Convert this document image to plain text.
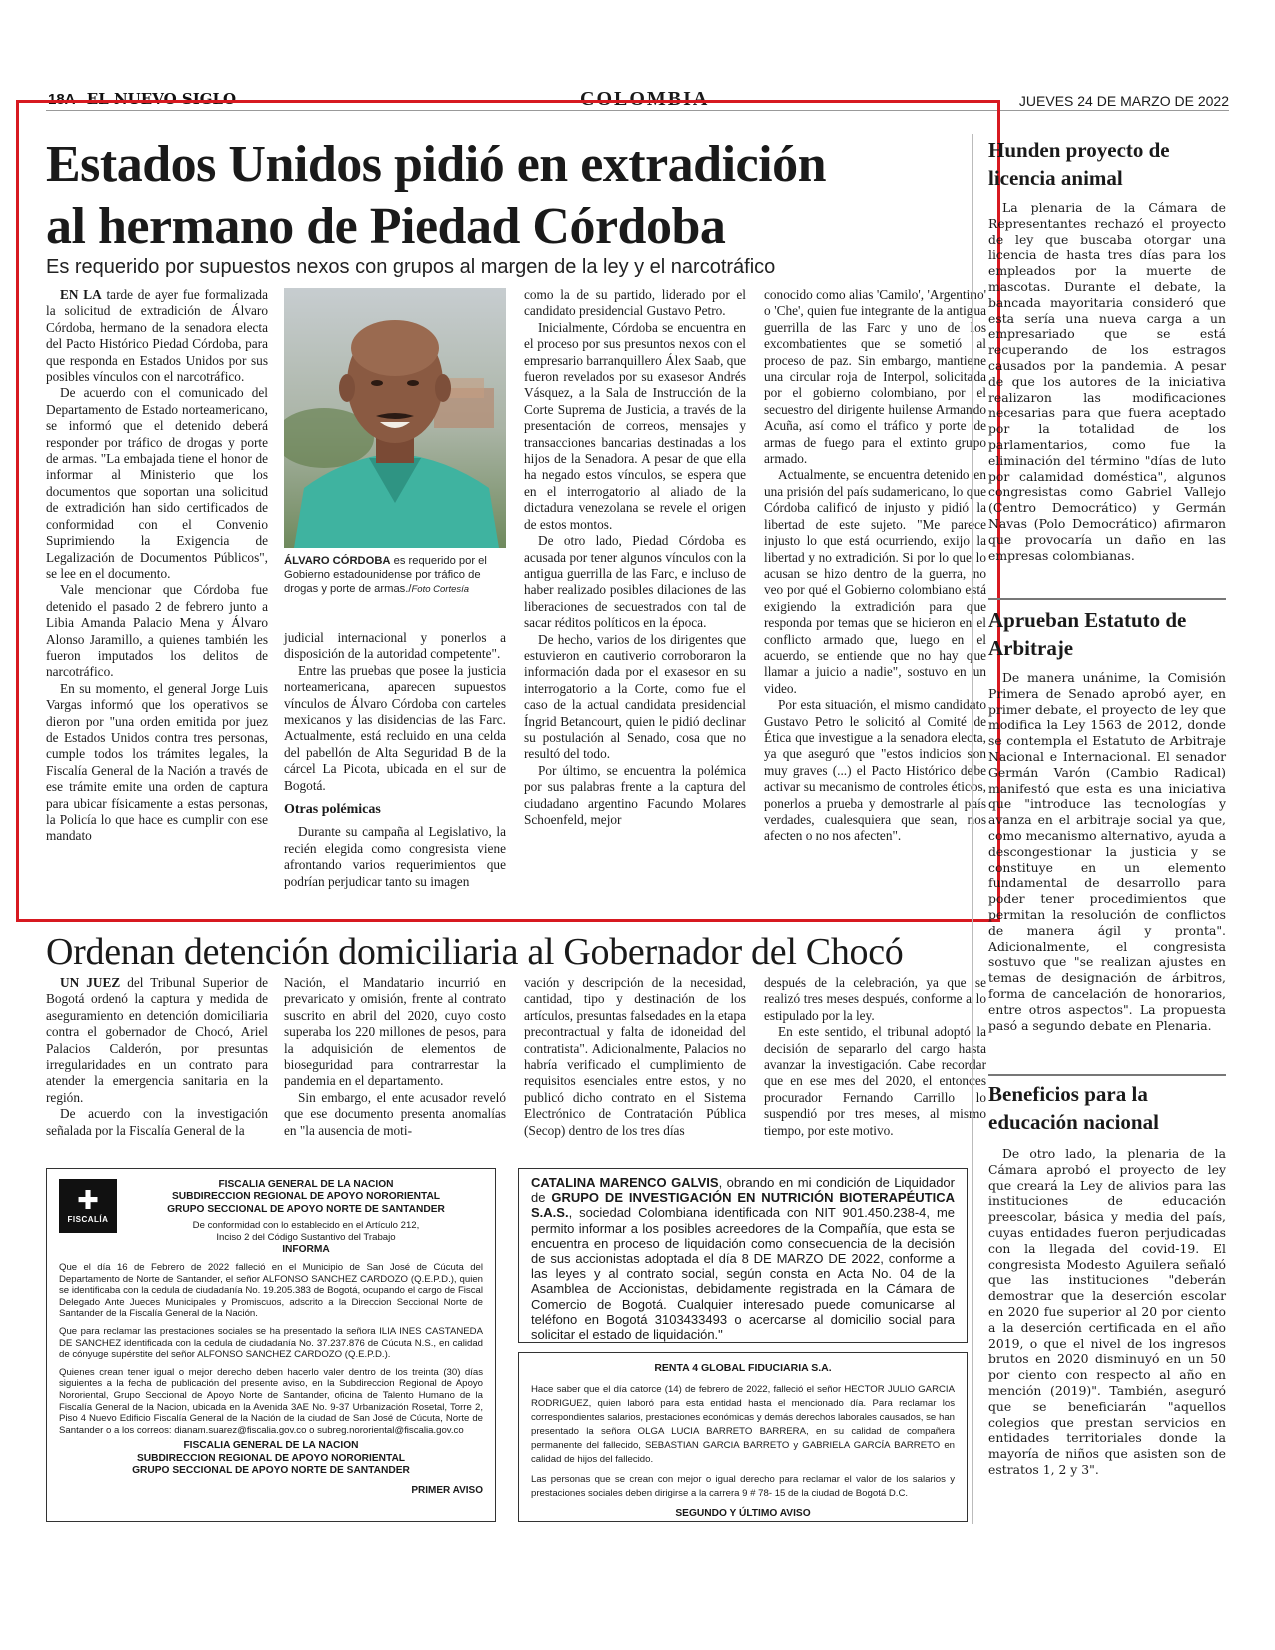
18A EL NUEVO SIGLO	COLOMBIA	JUEVES 24 DE MARZO DE 2022
Estados Unidos pidió en extradición
al hermano de Piedad Córdoba
Es requerido por supuestos nexos con grupos al margen de la ley y el narcotráfico

EN LA tarde de ayer fue formalizada la solicitud de extradición de Álvaro Córdoba, hermano de la senadora electa del Pacto Histórico Piedad Córdoba, para que responda en Estados Unidos por sus posibles vínculos con el narcotráfico.

De acuerdo con el comunicado del Departamento de Estado norteamericano, se informó que el detenido deberá responder por tráfico de drogas y porte de armas. "La embajada tiene el honor de informar al Ministerio que los documentos que soportan una solicitud de extradición han sido certificados de conformidad con el Convenio Suprimiendo la Exigencia de Legalización de Documentos Públicos", se lee en el documento.

Vale mencionar que Córdoba fue detenido el pasado 2 de febrero junto a Libia Amanda Palacio Mena y Álvaro Alonso Jaramillo, a quienes también les fueron imputados los delitos de narcotráfico.

En su momento, el general Jorge Luis Vargas informó que los operativos se dieron por "una orden emitida por juez de Estados Unidos contra tres personas, cumple todos los trámites legales, la Fiscalía General de la Nación a través de ese trámite emite una orden de captura para ubicar físicamente a estas personas, la Policía lo que hace es cumplir con ese mandato

ÁLVARO CÓRDOBA es requerido por el Gobierno estadounidense por tráfico de drogas y porte de armas./Foto Cortesía

judicial internacional y ponerlos a disposición de la autoridad competente".

Entre las pruebas que posee la justicia norteamericana, aparecen supuestos vínculos de Álvaro Córdoba con carteles mexicanos y las disidencias de las Farc. Actualmente, está recluido en una celda del pabellón de Alta Seguridad B de la cárcel La Picota, ubicada en el sur de Bogotá.

Otras polémicas

Durante su campaña al Legislativo, la recién elegida como congresista viene afrontando varios requerimientos que podrían perjudicar tanto su imagen

como la de su partido, liderado por el candidato presidencial Gustavo Petro.

Inicialmente, Córdoba se encuentra en el proceso por sus presuntos nexos con el empresario barranquillero Álex Saab, que fueron revelados por su exasesor Andrés Vásquez, a la Sala de Instrucción de la Corte Suprema de Justicia, a través de la presentación de correos, mensajes y transacciones bancarias destinadas a los hijos de la Senadora. A pesar de que ella ha negado estos vínculos, se espera que en el interrogatorio al aliado de la dictadura venezolana se revele el origen de estos montos.

De otro lado, Piedad Córdoba es acusada por tener algunos vínculos con la antigua guerrilla de las Farc, e incluso de haber realizado posibles dilaciones de las liberaciones de secuestrados con tal de sacar réditos políticos en la época.

De hecho, varios de los dirigentes que estuvieron en cautiverio corroboraron la información dada por el exasesor en su interrogatorio a la Corte, como fue el caso de la actual candidata presidencial Íngrid Betancourt, quien le pidió declinar su postulación al Senado, cosa que no resultó del todo.

Por último, se encuentra la polémica por sus palabras frente a la captura del ciudadano argentino Facundo Molares Schoenfeld, mejor

conocido como alias 'Camilo', 'Argentino' o 'Che', quien fue integrante de la antigua guerrilla de las Farc y uno de los excombatientes que se sometió al proceso de paz. Sin embargo, mantiene una circular roja de Interpol, solicitada por el gobierno colombiano, por el secuestro del dirigente huilense Armando Acuña, así como el tráfico y porte de armas de fuego para el extinto grupo armado.

Actualmente, se encuentra detenido en una prisión del país sudamericano, lo que Córdoba calificó de injusto y pidió la libertad de este sujeto. "Me parece injusto lo que está ocurriendo, exijo la libertad y no extradición. Si por lo que lo acusan se hizo dentro de la guerra, no veo por qué el Gobierno colombiano está exigiendo la extradición para que responda por temas que se hicieron en el conflicto armado que, luego en el acuerdo, se entiende que no hay que llamar a juicio a nadie", sostuvo en un video.

Por esta situación, el mismo candidato Gustavo Petro le solicitó al Comité de Ética que investigue a la senadora electa, ya que aseguró que "estos indicios son muy graves (...) el Pacto Histórico debe activar su mecanismo de controles éticos, ponerlos a prueba y demostrarle al país verdades, cualesquiera que sean, nos afecten o no nos afecten".

Ordenan detención domiciliaria al Gobernador del Chocó

UN JUEZ del Tribunal Superior de Bogotá ordenó la captura y medida de aseguramiento en detención domiciliaria contra el gobernador de Chocó, Ariel Palacios Calderón, por presuntas irregularidades en un contrato para atender la emergencia sanitaria en la región.

De acuerdo con la investigación señalada por la Fiscalía General de la

Nación, el Mandatario incurrió en prevaricato y omisión, frente al contrato suscrito en abril del 2020, cuyo costo superaba los 220 millones de pesos, para la adquisición de elementos de bioseguridad para contrarrestar la pandemia en el departamento.

Sin embargo, el ente acusador reveló que ese documento presenta anomalías en "la ausencia de moti-

vación y descripción de la necesidad, cantidad, tipo y destinación de los artículos, presuntas falsedades en la etapa precontractual y falta de idoneidad del contratista". Adicionalmente, Palacios no habría verificado el cumplimiento de requisitos esenciales entre estos, y no publicó dicho contrato en el Sistema Electrónico de Contratación Pública (Secop) dentro de los tres días

después de la celebración, ya que se realizó tres meses después, conforme a lo estipulado por la ley.

En este sentido, el tribunal adoptó la decisión de separarlo del cargo hasta avanzar la investigación. Cabe recordar que en ese mes del 2020, el entonces procurador Fernando Carrillo lo suspendió por tres meses, al mismo tiempo, por este motivo.

Hunden proyecto de licencia animal

La plenaria de la Cámara de Representantes rechazó el proyecto de ley que buscaba otorgar una licencia de hasta tres días para los empleados por la muerte de mascotas. Durante el debate, la bancada mayoritaria consideró que esta sería una nueva carga a un empresariado que se está recuperando de los estragos causados por la pandemia. A pesar de que los autores de la iniciativa realizaron las modificaciones necesarias para que fuera aceptado por la totalidad de los parlamentarios, como fue la eliminación del término "días de luto por calamidad doméstica", algunos congresistas como Gabriel Vallejo (Centro Democrático) y Germán Navas (Polo Democrático) afirmaron que provocaría un daño en las empresas colombianas.

Aprueban Estatuto de Arbitraje

De manera unánime, la Comisión Primera de Senado aprobó ayer, en primer debate, el proyecto de ley que modifica la Ley 1563 de 2012, donde se contempla el Estatuto de Arbitraje Nacional e Internacional. El senador Germán Varón (Cambio Radical) manifestó que esta es una iniciativa que "introduce las tecnologías y avanza en el arbitraje social ya que, como mecanismo alternativo, ayuda a descongestionar la justicia y se constituye en un elemento fundamental de desarrollo para poder tener procedimientos que permitan la resolución de conflictos de manera ágil y pronta". Adicionalmente, el congresista sostuvo que "se realizan ajustes en temas de designación de árbitros, forma de cancelación de honorarios, entre otros aspectos". La propuesta pasó a segundo debate en Plenaria.

Beneficios para la educación nacional

De otro lado, la plenaria de la Cámara aprobó el proyecto de ley que creará la Ley de alivios para las instituciones de educación preescolar, básica y media del país, cuyas entidades fueron perjudicadas con la llegada del covid-19. El congresista Modesto Aguilera señaló que las instituciones "deberán demostrar que la deserción escolar en 2020 fue superior al 20 por ciento a la deserción certificada en el año 2019, o que el nivel de los ingresos brutos en 2020 disminuyó en un 50 por ciento con respecto al año en mención (2019)". También, aseguró que se beneficiarán "aquellos colegios que prestan servicios en entidades territoriales donde la mayoría de niños que asisten son de estratos 1, 2 y 3".

✚
FISCALÍA
FISCALIA GENERAL DE LA NACION
SUBDIRECCION REGIONAL DE APOYO NORORIENTAL
GRUPO SECCIONAL DE APOYO NORTE DE SANTANDER
De conformidad con lo establecido en el Artículo 212,
Inciso 2 del Código Sustantivo del Trabajo
INFORMA

Que el día 16 de Febrero de 2022 falleció en el Municipio de San José de Cúcuta del Departamento de Norte de Santander, el señor ALFONSO SANCHEZ CARDOZO (Q.E.P.D.), quien se identificaba con la cedula de ciudadanía No. 19.205.383 de Bogotá, ocupando el cargo de Fiscal Delegado Ante Jueces Municipales y Promiscuos, adscrito a la Direccion Seccional Norte de Santander de la Fiscalía General de la Nación.

Que para reclamar las prestaciones sociales se ha presentado la señora ILIA INES CASTANEDA DE SANCHEZ identificada con la cedula de ciudadanía No. 37.237.876 de Cúcuta N.S., en calidad de cónyuge supérstite del señor ALFONSO SANCHEZ CARDOZO (Q.E.P.D.).

Quienes crean tener igual o mejor derecho deben hacerlo valer dentro de los treinta (30) días siguientes a la fecha de publicación del presente aviso, en la Subdireccion Regional de Apoyo Nororiental, Grupo Seccional de Apoyo Norte de Santander, oficina de Talento Humano de la Fiscalía General de la Nacion, ubicada en la Avenida 3AE No. 9-37 Urbanización Rosetal, Torre 2, Piso 4 Nuevo Edificio Fiscalía General de la Nación de la ciudad de San José de Cúcuta, Norte de Santander o a los correos: dianam.suarez@fiscalia.gov.co o subreg.nororiental@fiscalia.gov.co

FISCALIA GENERAL DE LA NACION
SUBDIRECCION REGIONAL DE APOYO NORORIENTAL
GRUPO SECCIONAL DE APOYO NORTE DE SANTANDER
PRIMER AVISO

CATALINA MARENCO GALVIS, obrando en mi condición de Liquidador de GRUPO DE INVESTIGACIÓN EN NUTRICIÓN BIOTERAPÉUTICA S.A.S., sociedad Colombiana identificada con NIT 901.450.238-4, me permito informar a los posibles acreedores de la Compañía, que esta se encuentra en proceso de liquidación como consecuencia de la decisión de sus accionistas adoptada el día 8 DE MARZO DE 2022, conforme a las leyes y al contrato social, según consta en Acta No. 04 de la Asamblea de Accionistas, debidamente registrada en la Cámara de Comercio de Bogotá. Cualquier interesado puede comunicarse al teléfono en Bogotá 3103433493 o acercarse al domicilio social para solicitar el estado de liquidación."

RENTA 4 GLOBAL FIDUCIARIA S.A.

Hace saber que el día catorce (14) de febrero de 2022, falleció el señor HECTOR JULIO GARCIA RODRIGUEZ, quien laboró para esta entidad hasta el mencionado día. Para reclamar los correspondientes salarios, prestaciones económicas y demás derechos laborales causados, se han presentado la señora OLGA LUCIA BARRETO BARRERA, en su calidad de compañera permanente del fallecido, SEBASTIAN GARCIA BARRETO y GABRIELA GARCÍA BARRETO en calidad de hijos del fallecido.

Las personas que se crean con mejor o igual derecho para reclamar el valor de los salarios y prestaciones sociales deben dirigirse a la carrera 9 # 78- 15 de la ciudad de Bogotá D.C.

SEGUNDO Y ÚLTIMO AVISO
